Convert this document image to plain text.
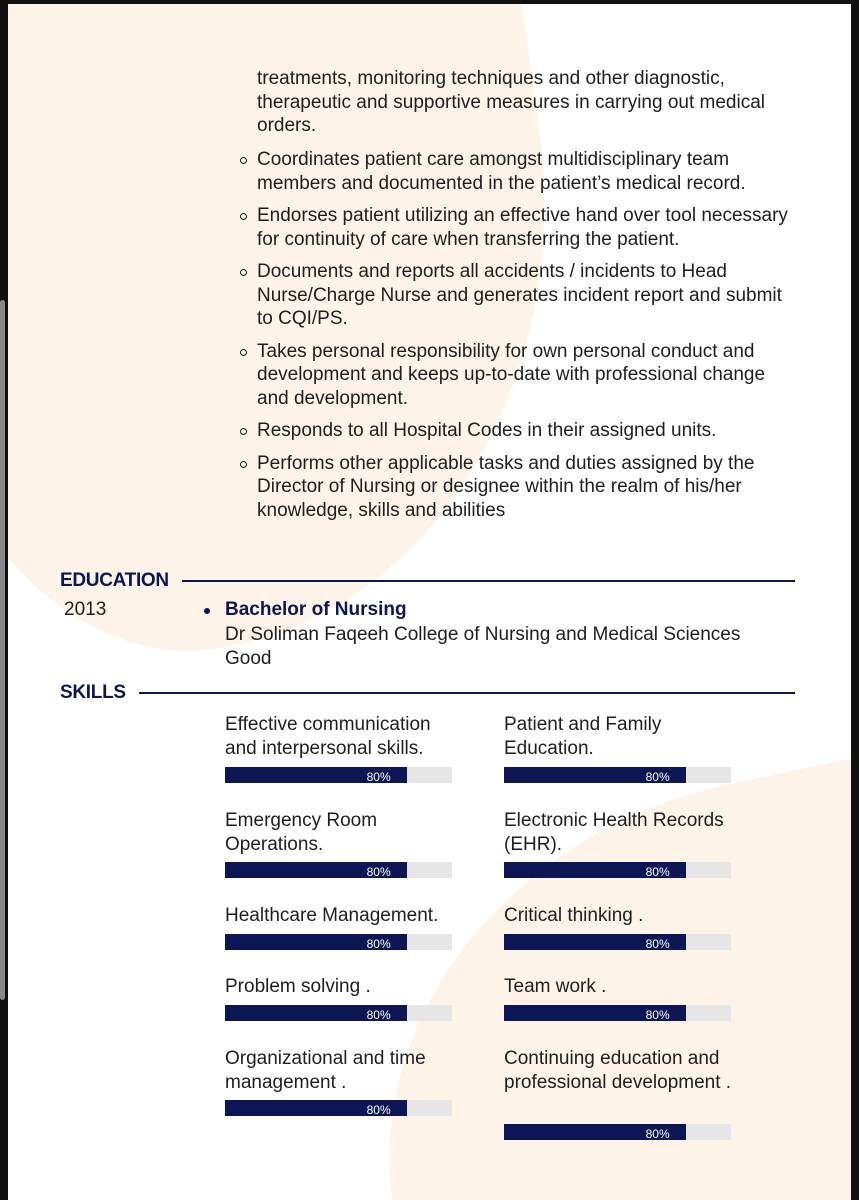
treatments, monitoring techniques and other diagnostic, therapeutic and supportive measures in carrying out medical orders.

Coordinates patient care amongst multidisciplinary team members and documented in the patient’s medical record.
Endorses patient utilizing an effective hand over tool necessary for continuity of care when transferring the patient.
Documents and reports all accidents / incidents to Head Nurse/Charge Nurse and generates incident report and submit to CQI/PS.
Takes personal responsibility for own personal conduct and development and keeps up-to-date with professional change and development.
Responds to all Hospital Codes in their assigned units.
Performs other applicable tasks and duties assigned by the Director of Nursing or designee within the realm of his/her knowledge, skills and abilities
EDUCATION
2013	Bachelor of Nursing
Dr Soliman Faqeeh College of Nursing and Medical Sciences
Good
SKILLS
Effective communication and interpersonal skills.
80%
Patient and Family Education.
80%
Emergency Room Operations.
80%
Electronic Health Records (EHR).
80%
Healthcare Management.
80%
Critical thinking .
80%
Problem solving .
80%
Team work .
80%
Organizational and time management .
80%
Continuing education and professional development .
80%
